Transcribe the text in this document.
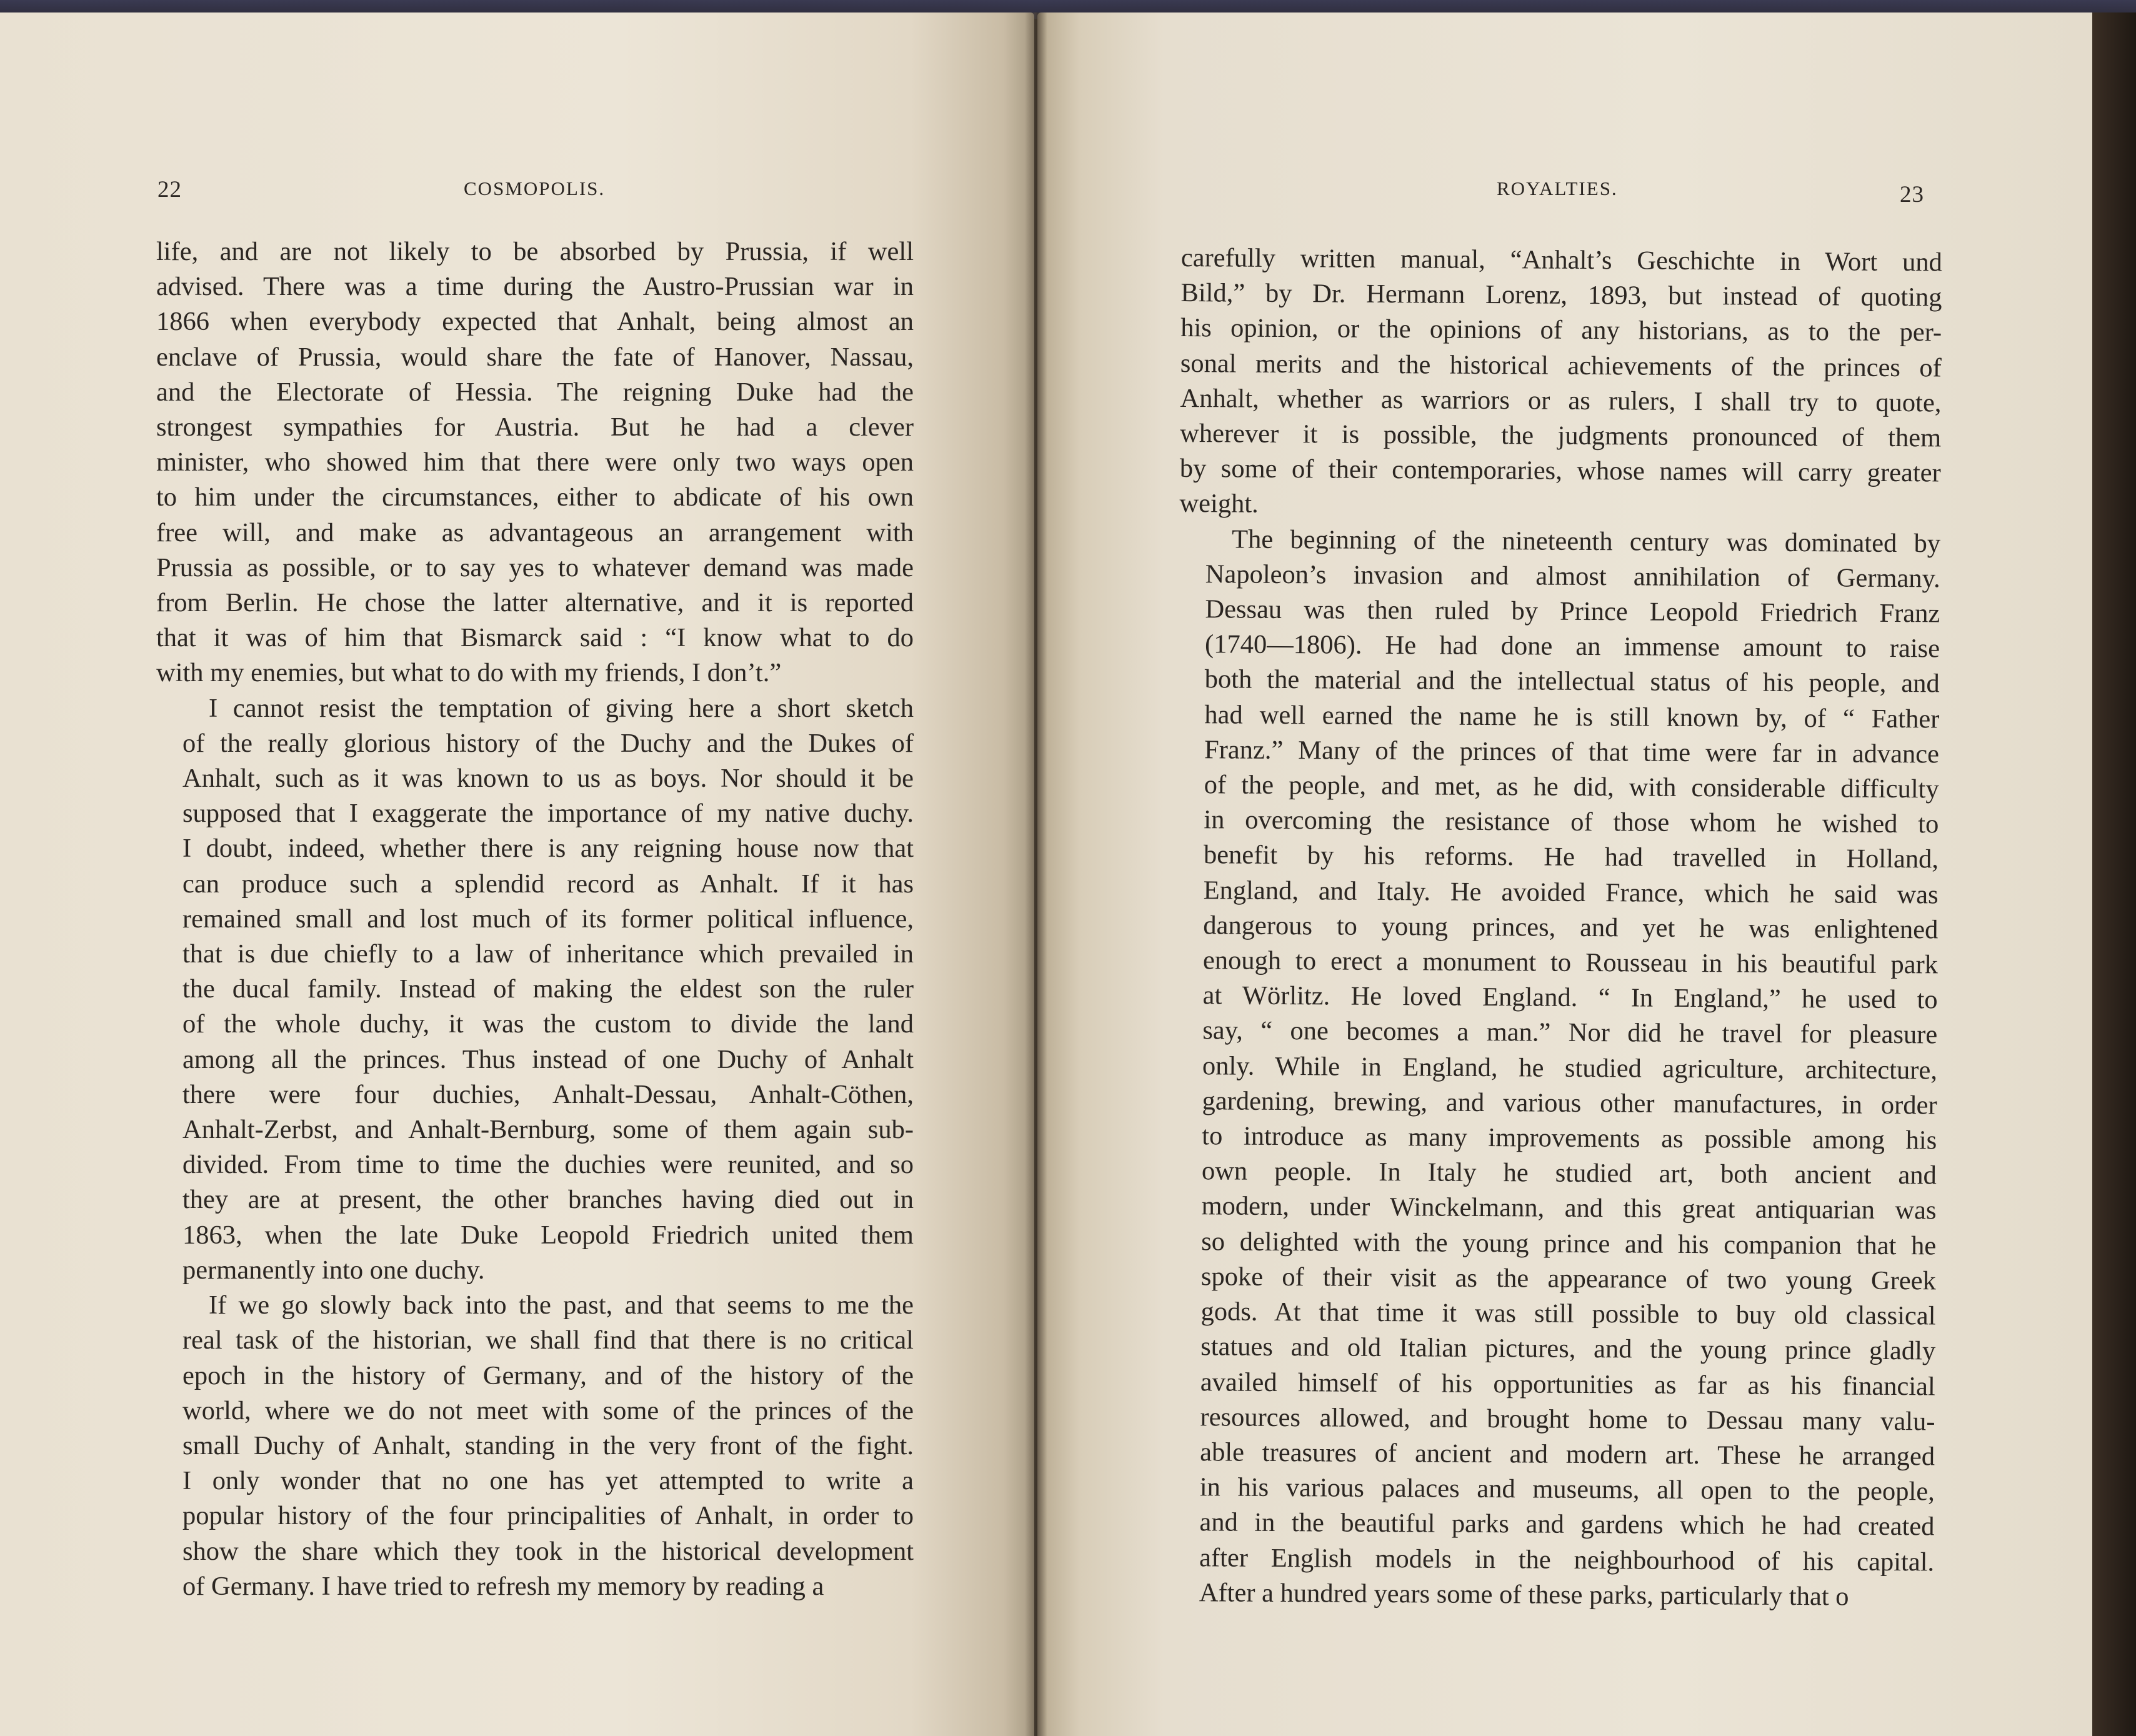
22	COSMOPOLIS.
life, and are not likely to be absorbed by Prussia, if well
advised. There was a time during the Austro-Prussian war in
1866 when everybody expected that Anhalt, being almost an
enclave of Prussia, would share the fate of Hanover, Nassau,
and the Electorate of Hessia. The reigning Duke had the
strongest sympathies for Austria. But he had a clever
minister, who showed him that there were only two ways open
to him under the circumstances, either to abdicate of his own
free will, and make as advantageous an arrangement with
Prussia as possible, or to say yes to whatever demand was made
from Berlin. He chose the latter alternative, and it is reported
that it was of him that Bismarck said : “I know what to do
with my enemies, but what to do with my friends, I don’t.”
I cannot resist the temptation of giving here a short sketch
of the really glorious history of the Duchy and the Dukes of
Anhalt, such as it was known to us as boys. Nor should it be
supposed that I exaggerate the importance of my native duchy.
I doubt, indeed, whether there is any reigning house now that
can produce such a splendid record as Anhalt. If it has
remained small and lost much of its former political influence,
that is due chiefly to a law of inheritance which prevailed in
the ducal family. Instead of making the eldest son the ruler
of the whole duchy, it was the custom to divide the land
among all the princes. Thus instead of one Duchy of Anhalt
there were four duchies, Anhalt-Dessau, Anhalt-Cöthen,
Anhalt-Zerbst, and Anhalt-Bernburg, some of them again sub-
divided. From time to time the duchies were reunited, and so
they are at present, the other branches having died out in
1863, when the late Duke Leopold Friedrich united them
permanently into one duchy.
If we go slowly back into the past, and that seems to me the
real task of the historian, we shall find that there is no critical
epoch in the history of Germany, and of the history of the
world, where we do not meet with some of the princes of the
small Duchy of Anhalt, standing in the very front of the fight.
I only wonder that no one has yet attempted to write a
popular history of the four principalities of Anhalt, in order to
show the share which they took in the historical development
of Germany. I have tried to refresh my memory by reading a
ROYALTIES.	23
carefully written manual, “Anhalt’s Geschichte in Wort und
Bild,” by Dr. Hermann Lorenz, 1893, but instead of quoting
his opinion, or the opinions of any historians, as to the per-
sonal merits and the historical achievements of the princes of
Anhalt, whether as warriors or as rulers, I shall try to quote,
wherever it is possible, the judgments pronounced of them
by some of their contemporaries, whose names will carry greater
weight.
The beginning of the nineteenth century was dominated by
Napoleon’s invasion and almost annihilation of Germany.
Dessau was then ruled by Prince Leopold Friedrich Franz
(1740—1806). He had done an immense amount to raise
both the material and the intellectual status of his people, and
had well earned the name he is still known by, of “ Father
Franz.” Many of the princes of that time were far in advance
of the people, and met, as he did, with considerable difficulty
in overcoming the resistance of those whom he wished to
benefit by his reforms. He had travelled in Holland,
England, and Italy. He avoided France, which he said was
dangerous to young princes, and yet he was enlightened
enough to erect a monument to Rousseau in his beautiful park
at Wörlitz. He loved England. “ In England,” he used to
say, “ one becomes a man.” Nor did he travel for pleasure
only. While in England, he studied agriculture, architecture,
gardening, brewing, and various other manufactures, in order
to introduce as many improvements as possible among his
own people. In Italy he studied art, both ancient and
modern, under Winckelmann, and this great antiquarian was
so delighted with the young prince and his companion that he
spoke of their visit as the appearance of two young Greek
gods. At that time it was still possible to buy old classical
statues and old Italian pictures, and the young prince gladly
availed himself of his opportunities as far as his financial
resources allowed, and brought home to Dessau many valu-
able treasures of ancient and modern art. These he arranged
in his various palaces and museums, all open to the people,
and in the beautiful parks and gardens which he had created
after English models in the neighbourhood of his capital.
After a hundred years some of these parks, particularly that o
